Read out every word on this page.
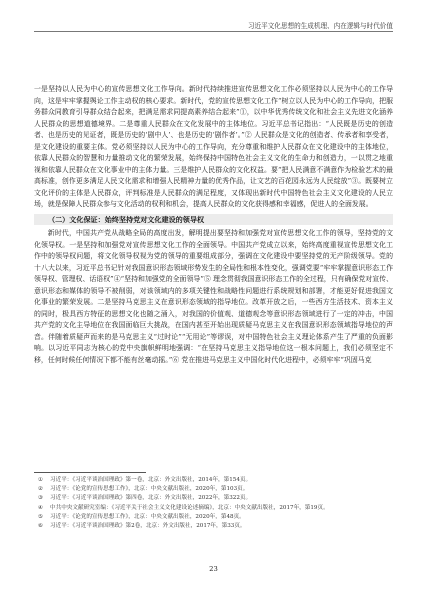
习近平文化思想的生成机理、内在逻辑与时代价值

一是坚持以人民为中心的宣传思想文化工作导向。新时代持续推进宣传思想文化工作必须坚持以人民为中心的工作导向，这是牢牢掌握舆论工作主动权的核心要求。新时代，党的宣传思想文化工作“树立以人民为中心的工作导向，把服务群众同教育引导群众结合起来，把满足需求同提高素养结合起来”①，以中华优秀传统文化和社会主义先进文化涵养人民群众的思想道德境界。二是尊重人民群众在文化发展中的主体地位。习近平总书记指出：“人民既是历史的创造者、也是历史的见证者，既是历史的‘剧中人’、也是历史的‘剧作者’。”② 人民群众是文化的创造者、传承者和享受者，是文化建设的重要主体。党必须坚持以人民为中心的工作导向，充分尊重和维护人民群众在文化建设中的主体地位，依靠人民群众的智慧和力量推动文化的繁荣发展，始终保持中国特色社会主义文化的生命力和创造力，一以贯之地重视和依靠人民群众在文化事业中的主体力量。三是维护人民群众的文化权益。要“把人民满意不满意作为检验艺术的最高标准，创作更多满足人民文化需求和增强人民精神力量的优秀作品，让文艺的百花园永远为人民绽放”③。既要树立文化评价的主体是人民群众，评判标准是人民群众的满足程度，又体现出新时代中国特色社会主义文化建设的人民立场，就是保障人民群众参与文化活动的权利和机会，提高人民群众的文化获得感和幸福感，促进人的全面发展。

（二）文化保证：始终坚持党对文化建设的领导权

新时代，中国共产党从战略全局的高度出发，解明提出要坚持和加强党对宣传思想文化工作的领导，坚持党的文化领导权。一是坚持和加强党对宣传思想文化工作的全面领导。中国共产党成立以来，始终高度重视宣传思想文化工作中的领导权问题，将文化领导权视为党的领导的重要组成部分，强调在文化建设中要坚持党的无产阶级领导。党的十八大以来，习近平总书记针对我国意识形态领域形势发生的全局性和根本性变化，强调党要“牢牢掌握意识形态工作领导权、管理权、话语权”④“坚持和加强党的全面领导”⑤ 理念贯彻我国意识形态工作的全过程，只有确保党对宣传、意识形态和媒体的领导不被削弱，对该领域内的多项关键性和战略性问题进行系统规划和部署，才能更好促进我国文化事业的繁荣发展。二是坚持马克思主义在意识形态领域的指导地位。改革开放之后，一些西方生活技术、资本主义的同时，极具西方特征的思想文化也随之涌入，对我国的价值观、道德观念等意识形态领域进行了一定的冲击，中国共产党的文化主导地位在我国面临巨大挑战，在国内甚至开始出现质疑马克思主义在我国意识形态领域指导地位的声音。伴随着质疑声而来的是马克思主义“过时论”“无用论”等谬误，对中国特色社会主义理论体系产生了严重的负面影响。以习近平同志为核心的党中央旗帜鲜明地强调：“在坚持马克思主义指导地位这一根本问题上，我们必须坚定不移，任何时候任何情况下都不能有丝毫动摇。”⑥ 党在推进马克思主义中国化时代化进程中，必须牢牢“巩固马克

① 习近平：《习近平谈治国理政》第一卷，北京：外文出版社，2014年，第154页。
② 习近平：《论党的宣传思想工作》，北京：中央文献出版社，2020年，第103页。
③ 习近平：《习近平谈治国理政》第四卷，北京：外文出版社，2022年，第322页。
④ 中共中央文献研究室编：《习近平关于社会主义文化建设论述摘编》，北京：中央文献出版社，2017年，第19页。
⑤ 习近平：《论党的宣传思想工作》，北京：中央文献出版社，2020年，第48页。
⑥ 习近平：《习近平谈治国理政》第2卷，北京：外文出版社，2017年，第33页。
23
